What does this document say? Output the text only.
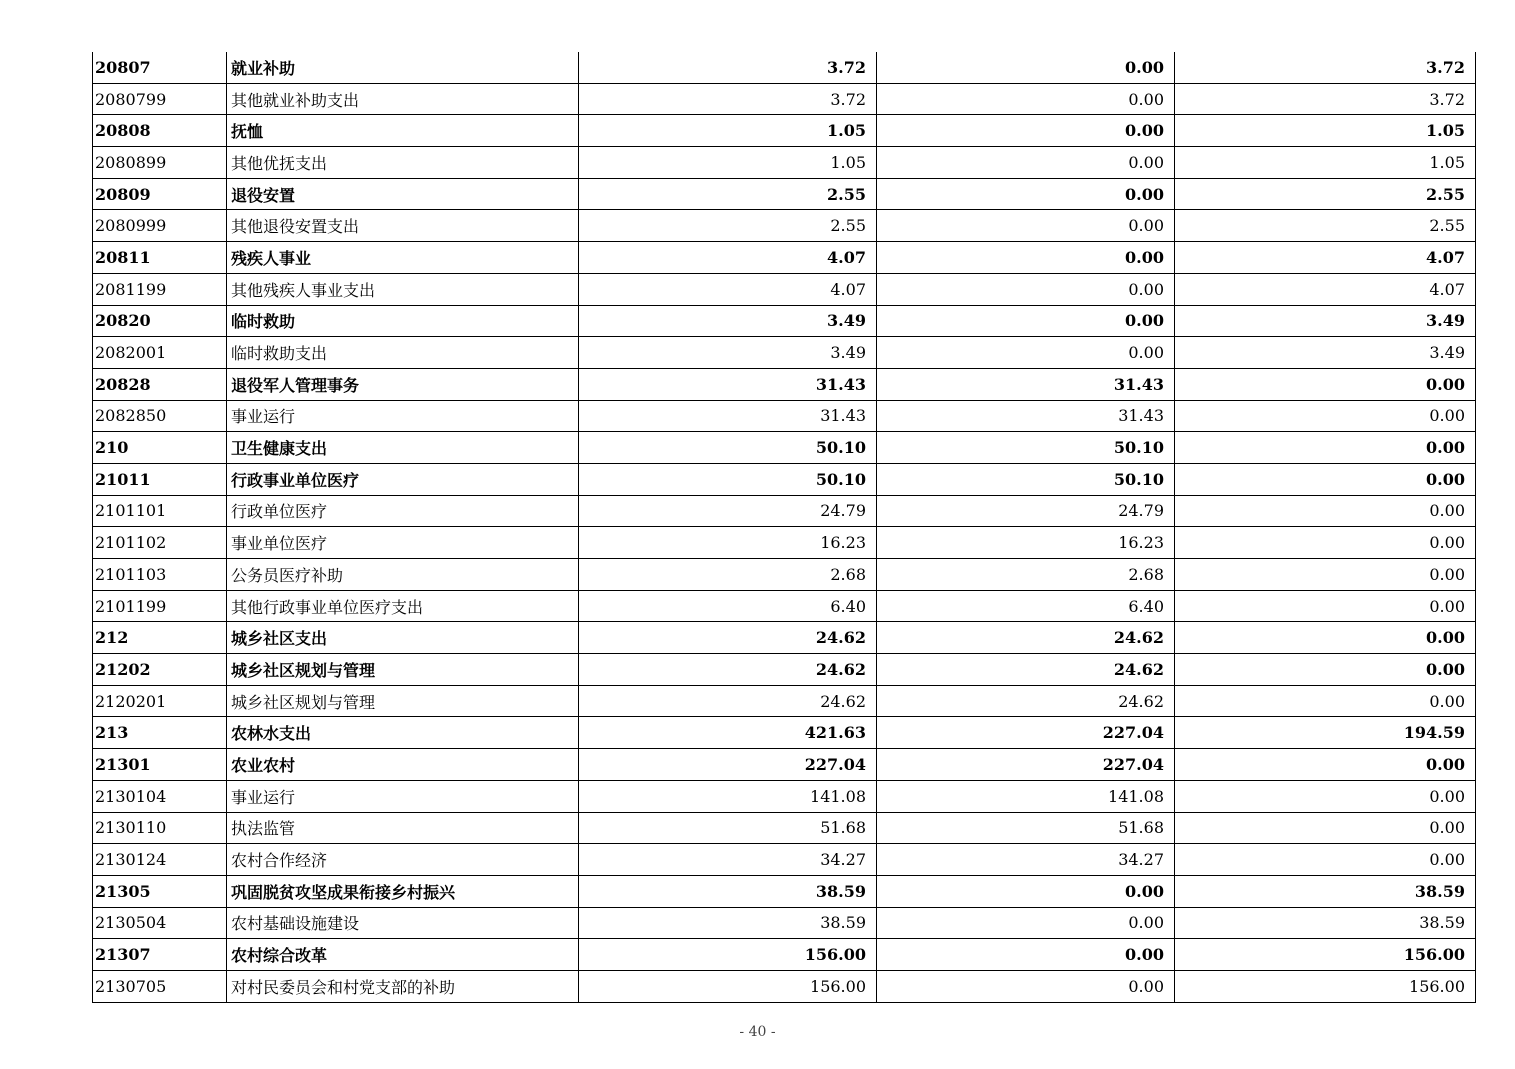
20807	就业补助	3.72	0.00	3.72
2080799	其他就业补助支出	3.72	0.00	3.72
20808	抚恤	1.05	0.00	1.05
2080899	其他优抚支出	1.05	0.00	1.05
20809	退役安置	2.55	0.00	2.55
2080999	其他退役安置支出	2.55	0.00	2.55
20811	残疾人事业	4.07	0.00	4.07
2081199	其他残疾人事业支出	4.07	0.00	4.07
20820	临时救助	3.49	0.00	3.49
2082001	临时救助支出	3.49	0.00	3.49
20828	退役军人管理事务	31.43	31.43	0.00
2082850	事业运行	31.43	31.43	0.00
210	卫生健康支出	50.10	50.10	0.00
21011	行政事业单位医疗	50.10	50.10	0.00
2101101	行政单位医疗	24.79	24.79	0.00
2101102	事业单位医疗	16.23	16.23	0.00
2101103	公务员医疗补助	2.68	2.68	0.00
2101199	其他行政事业单位医疗支出	6.40	6.40	0.00
212	城乡社区支出	24.62	24.62	0.00
21202	城乡社区规划与管理	24.62	24.62	0.00
2120201	城乡社区规划与管理	24.62	24.62	0.00
213	农林水支出	421.63	227.04	194.59
21301	农业农村	227.04	227.04	0.00
2130104	事业运行	141.08	141.08	0.00
2130110	执法监管	51.68	51.68	0.00
2130124	农村合作经济	34.27	34.27	0.00
21305	巩固脱贫攻坚成果衔接乡村振兴	38.59	0.00	38.59
2130504	农村基础设施建设	38.59	0.00	38.59
21307	农村综合改革	156.00	0.00	156.00
2130705	对村民委员会和村党支部的补助	156.00	0.00	156.00
- 40 -
